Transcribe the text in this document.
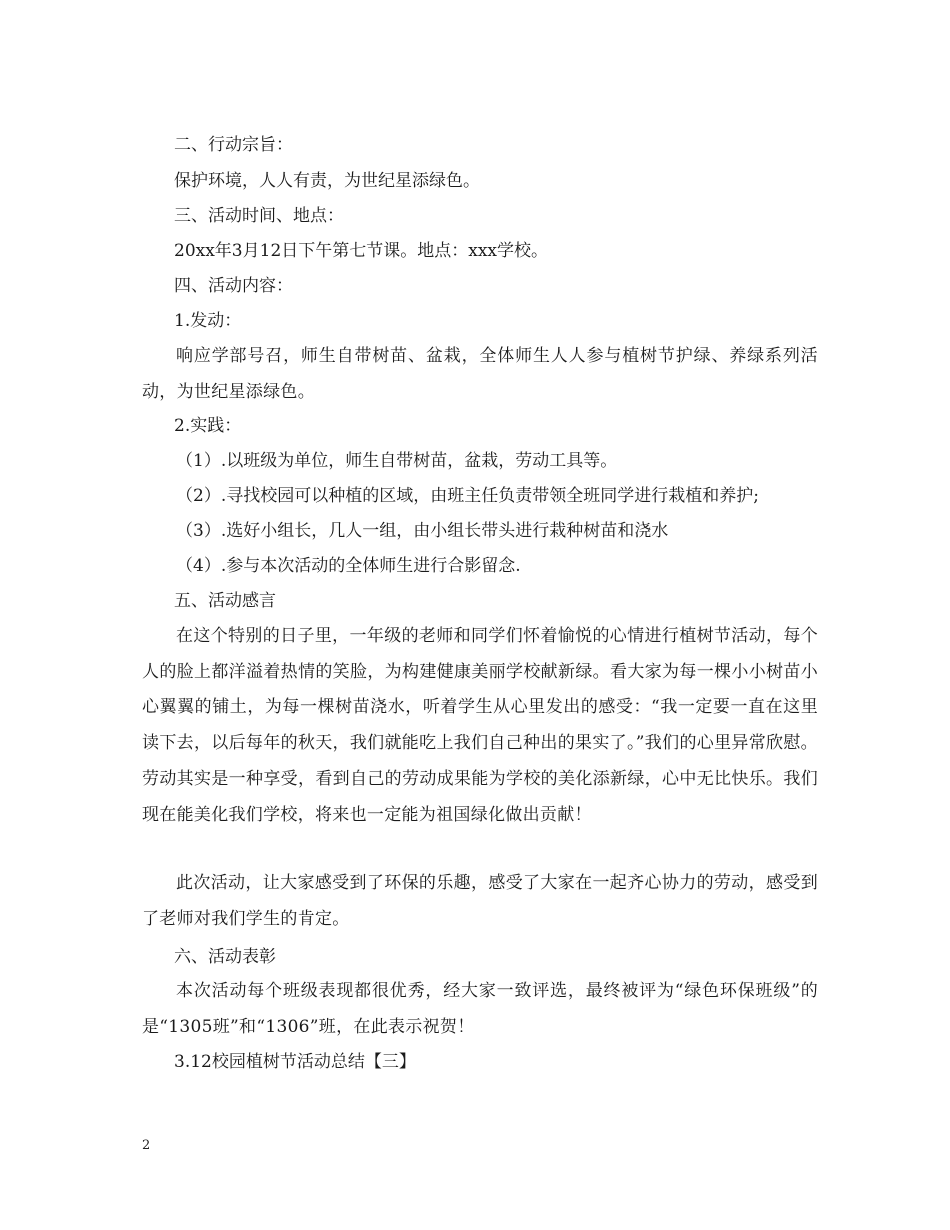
二、行动宗旨：
保护环境，人人有责，为世纪星添绿色。
三、活动时间、地点：
20xx年3月12日下午第七节课。地点：xxx学校。
四、活动内容：
1.发动：
响应学部号召，师生自带树苗、盆栽，全体师生人人参与植树节护绿、养绿系列活动，为世纪星添绿色。
2.实践：
（1）.以班级为单位，师生自带树苗，盆栽，劳动工具等。
（2）.寻找校园可以种植的区域，由班主任负责带领全班同学进行栽植和养护;
（3）.选好小组长，几人一组，由小组长带头进行栽种树苗和浇水
（4）.参与本次活动的全体师生进行合影留念.
五、活动感言
在这个特别的日子里，一年级的老师和同学们怀着愉悦的心情进行植树节活动，每个人的脸上都洋溢着热情的笑脸，为构建健康美丽学校献新绿。看大家为每一棵小小树苗小心翼翼的铺土，为每一棵树苗浇水，听着学生从心里发出的感受：“我一定要一直在这里读下去，以后每年的秋天，我们就能吃上我们自己种出的果实了。”我们的心里异常欣慰。劳动其实是一种享受，看到自己的劳动成果能为学校的美化添新绿，心中无比快乐。我们现在能美化我们学校，将来也一定能为祖国绿化做出贡献！
此次活动，让大家感受到了环保的乐趣，感受了大家在一起齐心协力的劳动，感受到了老师对我们学生的肯定。
六、活动表彰
本次活动每个班级表现都很优秀，经大家一致评选，最终被评为“绿色环保班级”的是“1305班”和“1306”班，在此表示祝贺！
3.12校园植树节活动总结【三】
2
